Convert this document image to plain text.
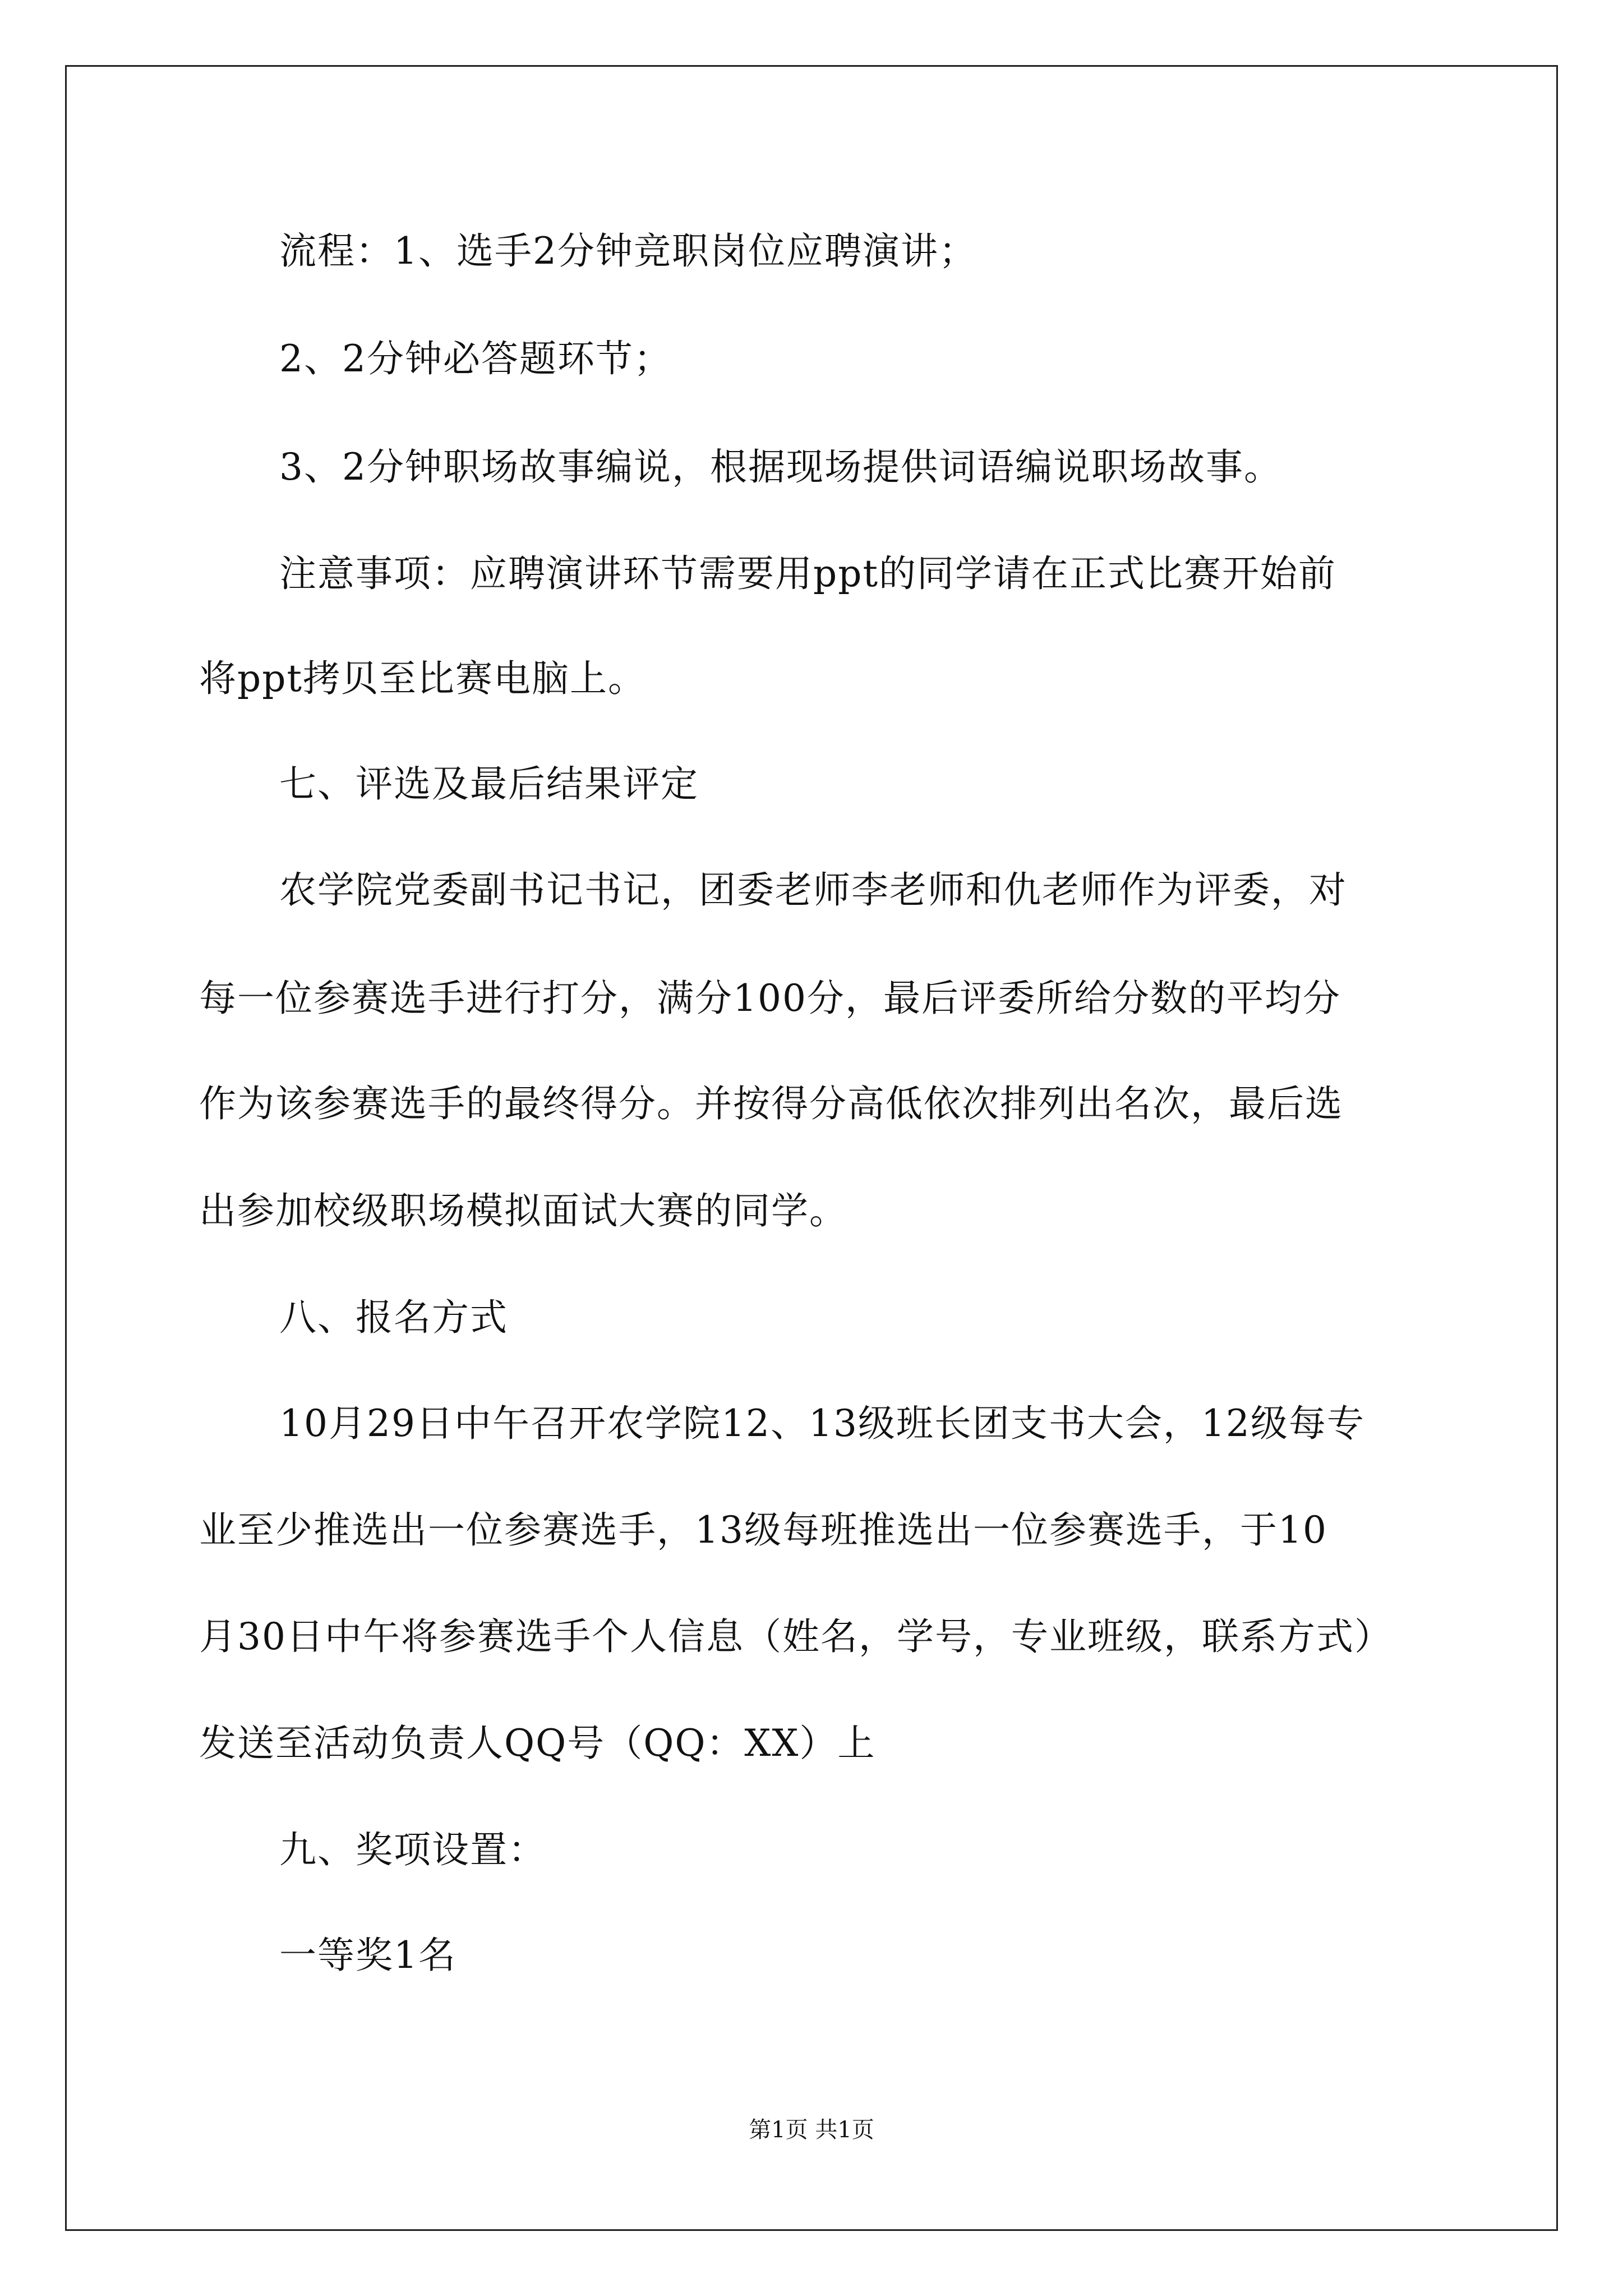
流程：1、选手2分钟竞职岗位应聘演讲；
2、2分钟必答题环节；
3、2分钟职场故事编说，根据现场提供词语编说职场故事。
注意事项：应聘演讲环节需要用ppt的同学请在正式比赛开始前
将ppt拷贝至比赛电脑上。
七、评选及最后结果评定
农学院党委副书记书记，团委老师李老师和仇老师作为评委，对
每一位参赛选手进行打分，满分100分，最后评委所给分数的平均分
作为该参赛选手的最终得分。并按得分高低依次排列出名次，最后选
出参加校级职场模拟面试大赛的同学。
八、报名方式
10月29日中午召开农学院12、13级班长团支书大会，12级每专
业至少推选出一位参赛选手，13级每班推选出一位参赛选手，于10
月30日中午将参赛选手个人信息（姓名，学号，专业班级，联系方式）
发送至活动负责人QQ号（QQ：XX）上
九、奖项设置：
一等奖1名
第1页 共1页
